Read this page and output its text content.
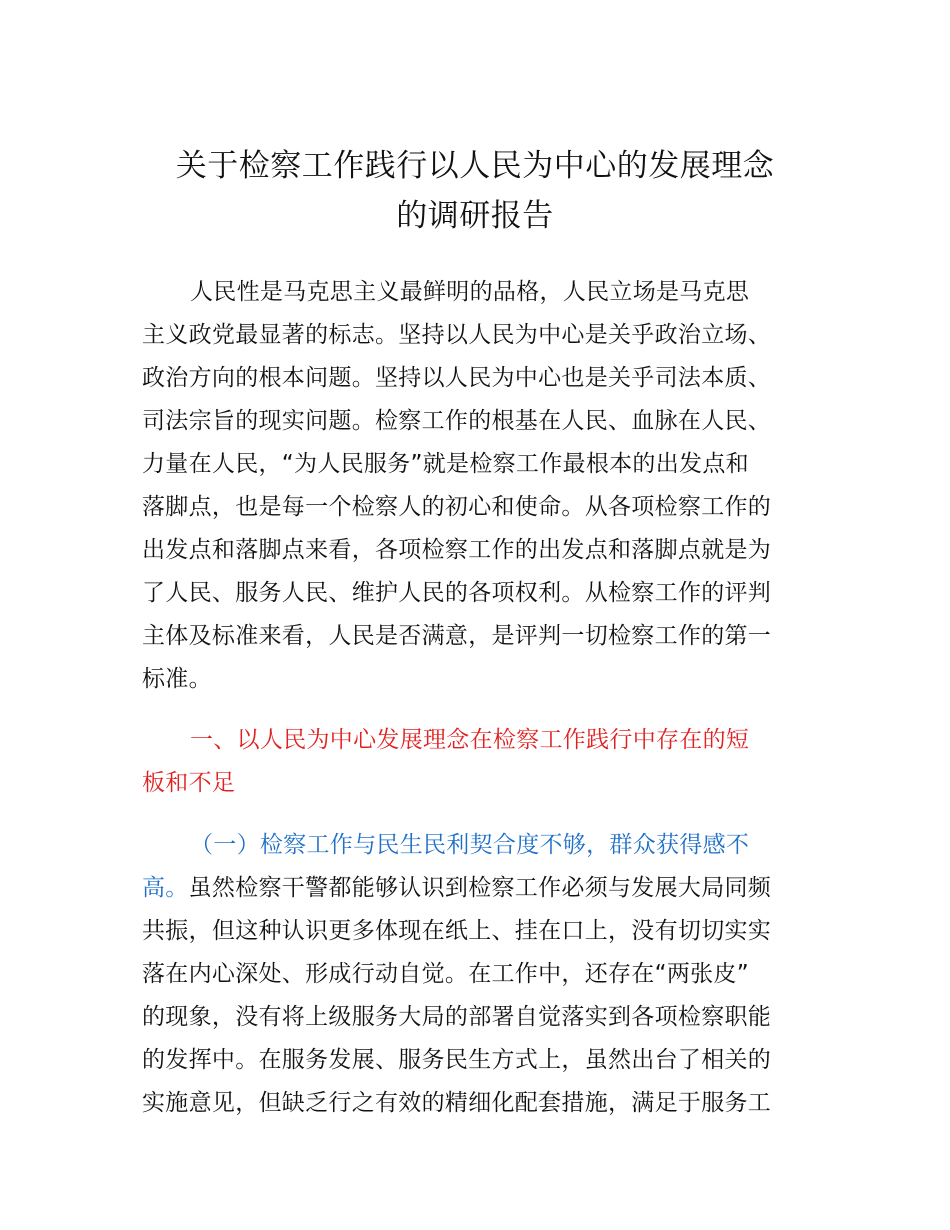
关于检察工作践行以人民为中心的发展理念
的调研报告
人民性是马克思主义最鲜明的品格，人民立场是马克思
主义政党最显著的标志。坚持以人民为中心是关乎政治立场、
政治方向的根本问题。坚持以人民为中心也是关乎司法本质、
司法宗旨的现实问题。检察工作的根基在人民、血脉在人民、
力量在人民，“为人民服务”就是检察工作最根本的出发点和
落脚点，也是每一个检察人的初心和使命。从各项检察工作的
出发点和落脚点来看，各项检察工作的出发点和落脚点就是为
了人民、服务人民、维护人民的各项权利。从检察工作的评判
主体及标准来看，人民是否满意，是评判一切检察工作的第一
标准。
一、以人民为中心发展理念在检察工作践行中存在的短
板和不足
（一）检察工作与民生民利契合度不够，群众获得感不
高。虽然检察干警都能够认识到检察工作必须与发展大局同频
共振，但这种认识更多体现在纸上、挂在口上，没有切切实实
落在内心深处、形成行动自觉。在工作中，还存在“两张皮”
的现象，没有将上级服务大局的部署自觉落实到各项检察职能
的发挥中。在服务发展、服务民生方式上，虽然出台了相关的
实施意见，但缺乏行之有效的精细化配套措施，满足于服务工
